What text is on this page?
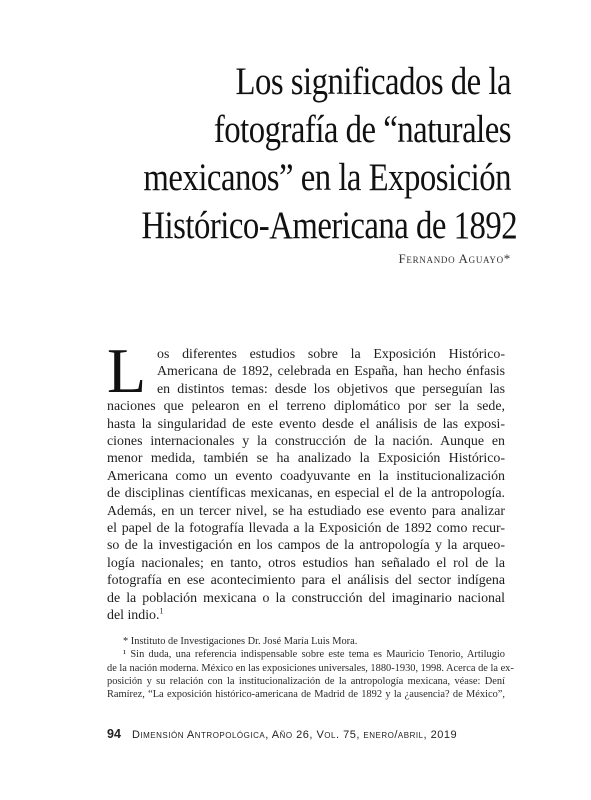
Los significados de la
fotografía de “naturales
mexicanos” en la Exposición
Histórico-Americana de 1892
Fernando Aguayo*
L os diferentes estudios sobre la Exposición Histórico-
Americana de 1892, celebrada en España, han hecho énfasis
en distintos temas: desde los objetivos que perseguían las
naciones que pelearon en el terreno diplomático por ser la sede,
hasta la singularidad de este evento desde el análisis de las exposi-
ciones internacionales y la construcción de la nación. Aunque en
menor medida, también se ha analizado la Exposición Histórico-
Americana como un evento coadyuvante en la institucionalización
de disciplinas científicas mexicanas, en especial el de la antropología.
Además, en un tercer nivel, se ha estudiado ese evento para analizar
el papel de la fotografía llevada a la Exposición de 1892 como recur-
so de la investigación en los campos de la antropología y la arqueo-
logía nacionales; en tanto, otros estudios han señalado el rol de la
fotografía en ese acontecimiento para el análisis del sector indígena
de la población mexicana o la construcción del imaginario nacional
del indio.$^1$
* Instituto de Investigaciones Dr. José María Luis Mora.
¹ Sin duda, una referencia indispensable sobre este tema es Mauricio Tenorio, Artilugio
de la nación moderna. México en las exposiciones universales, 1880-1930, 1998. Acerca de la ex-
posición y su relación con la institucionalización de la antropología mexicana, véase: Dení
Ramírez, “La exposición histórico-americana de Madrid de 1892 y la ¿ausencia? de México”,
94 Dimensión Antropológica, Año 26, Vol. 75, enero/abril, 2019
